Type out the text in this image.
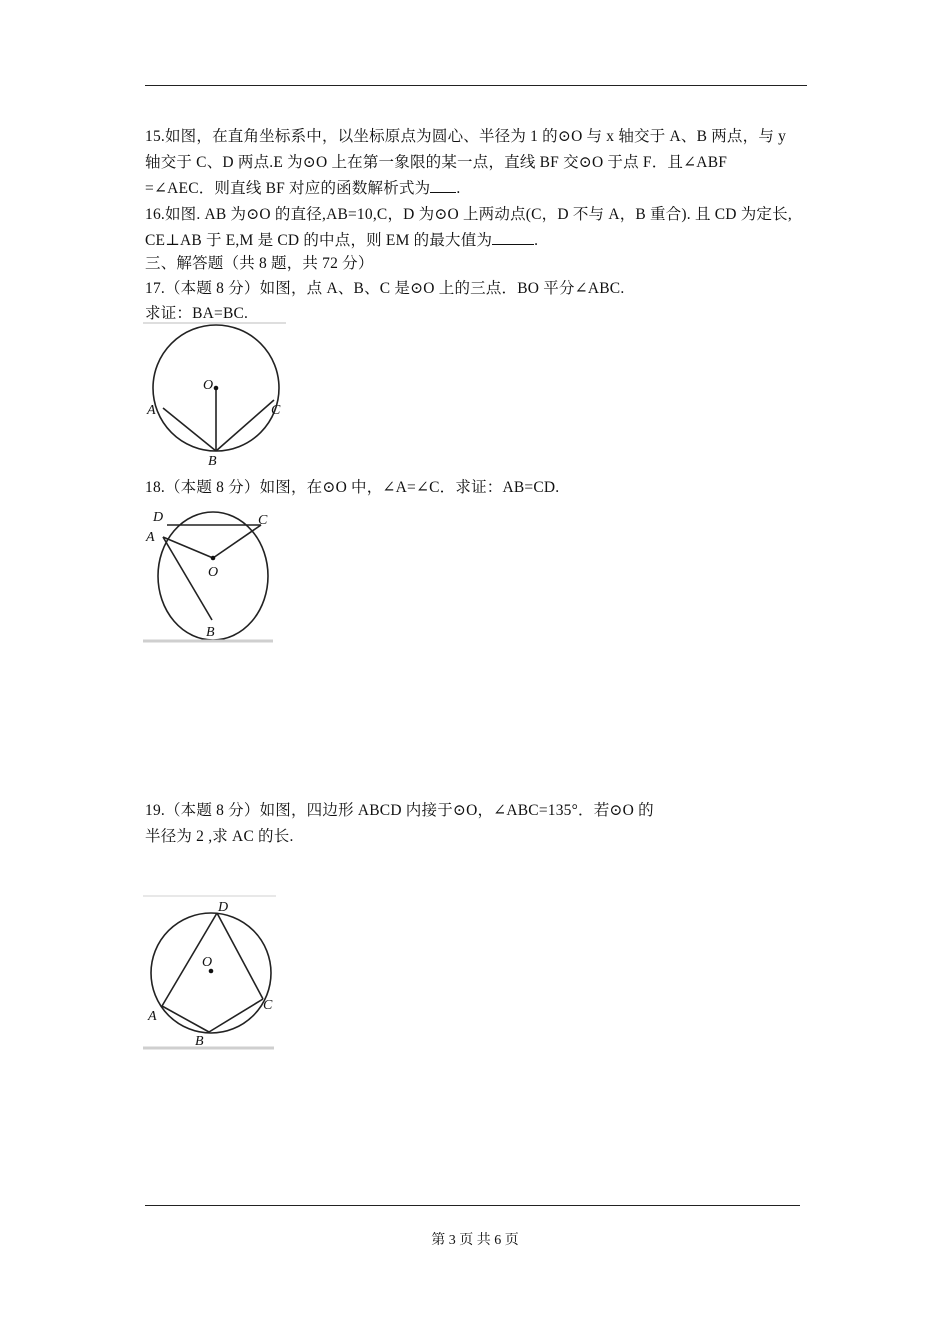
15.如图，在直角坐标系中，以坐标原点为圆心、半径为 1 的⊙O 与 x 轴交于 A、B 两点，与 y
轴交于 C、D 两点.E 为⊙O 上在第一象限的某一点，直线 BF 交⊙O 于点 F．且∠ABF
=∠AEC．则直线 BF 对应的函数解析式为 .
16.如图. AB 为⊙O 的直径,AB=10,C，D 为⊙O 上两动点(C，D 不与 A，B 重合). 且 CD 为定长,
CE⊥AB 于 E,M 是 CD 的中点，则 EM 的最大值为	.
三、解答题（共 8 题，共 72 分）
17.（本题 8 分）如图，点 A、B、C 是⊙O 上的三点．BO 平分∠ABC.
求证：BA=BC.
O
A
B
C
18.（本题 8 分）如图，在⊙O 中，∠A=∠C．求证：AB=CD.
D
A
C
O
B
19.（本题 8 分）如图，四边形 ABCD 内接于⊙O，∠ABC=135°．若⊙O 的
半径为 2 ,求 AC 的长.
D
O
C
A
B
第 3 页 共 6 页
